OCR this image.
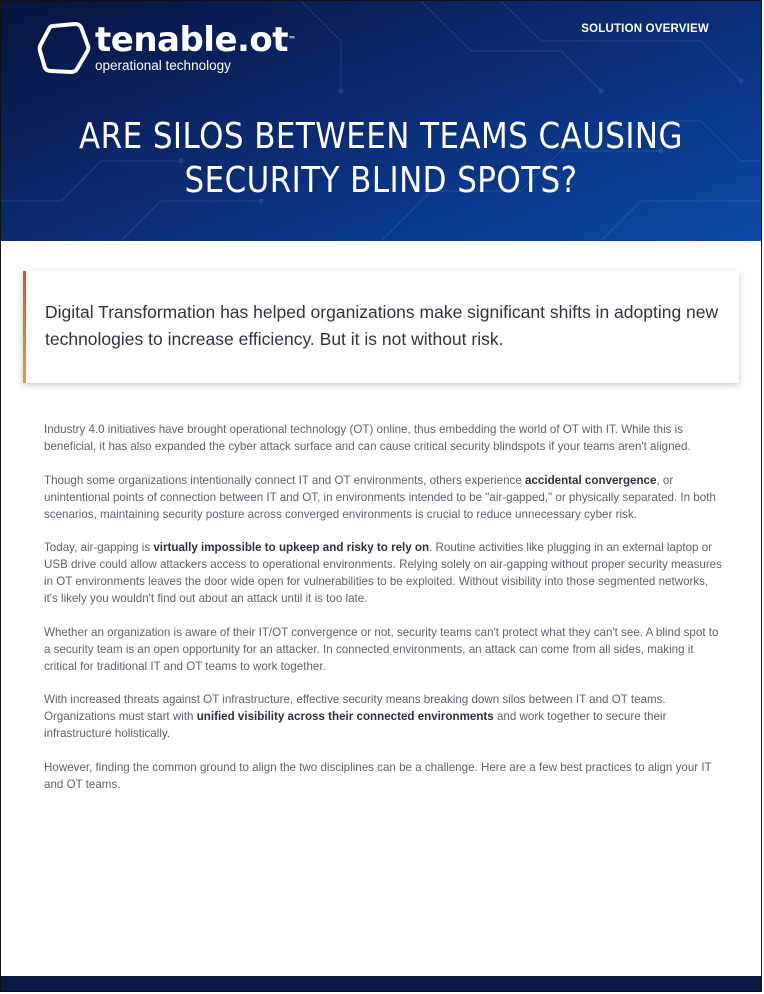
tenable.ot™
operational technology
SOLUTION OVERVIEW
ARE SILOS BETWEEN TEAMS CAUSING
SECURITY BLIND SPOTS?
Digital Transformation has helped organizations make significant shifts in adopting new technologies to increase efficiency. But it is not without risk.

Industry 4.0 initiatives have brought operational technology (OT) online, thus embedding the world of OT with IT. While this is beneficial, it has also expanded the cyber attack surface and can cause critical security blindspots if your teams aren't aligned.

Though some organizations intentionally connect IT and OT environments, others experience accidental convergence, or unintentional points of connection between IT and OT, in environments intended to be "air-gapped," or physically separated. In both scenarios, maintaining security posture across converged environments is crucial to reduce unnecessary cyber risk.

Today, air-gapping is virtually impossible to upkeep and risky to rely on. Routine activities like plugging in an external laptop or USB drive could allow attackers access to operational environments. Relying solely on air-gapping without proper security measures in OT environments leaves the door wide open for vulnerabilities to be exploited. Without visibility into those segmented networks, it's likely you wouldn't find out about an attack until it is too late.

Whether an organization is aware of their IT/OT convergence or not, security teams can't protect what they can't see. A blind spot to a security team is an open opportunity for an attacker. In connected environments, an attack can come from all sides, making it critical for traditional IT and OT teams to work together.

With increased threats against OT infrastructure, effective security means breaking down silos between IT and OT teams. Organizations must start with unified visibility across their connected environments and work together to secure their infrastructure holistically.

However, finding the common ground to align the two disciplines can be a challenge. Here are a few best practices to align your IT and OT teams.
